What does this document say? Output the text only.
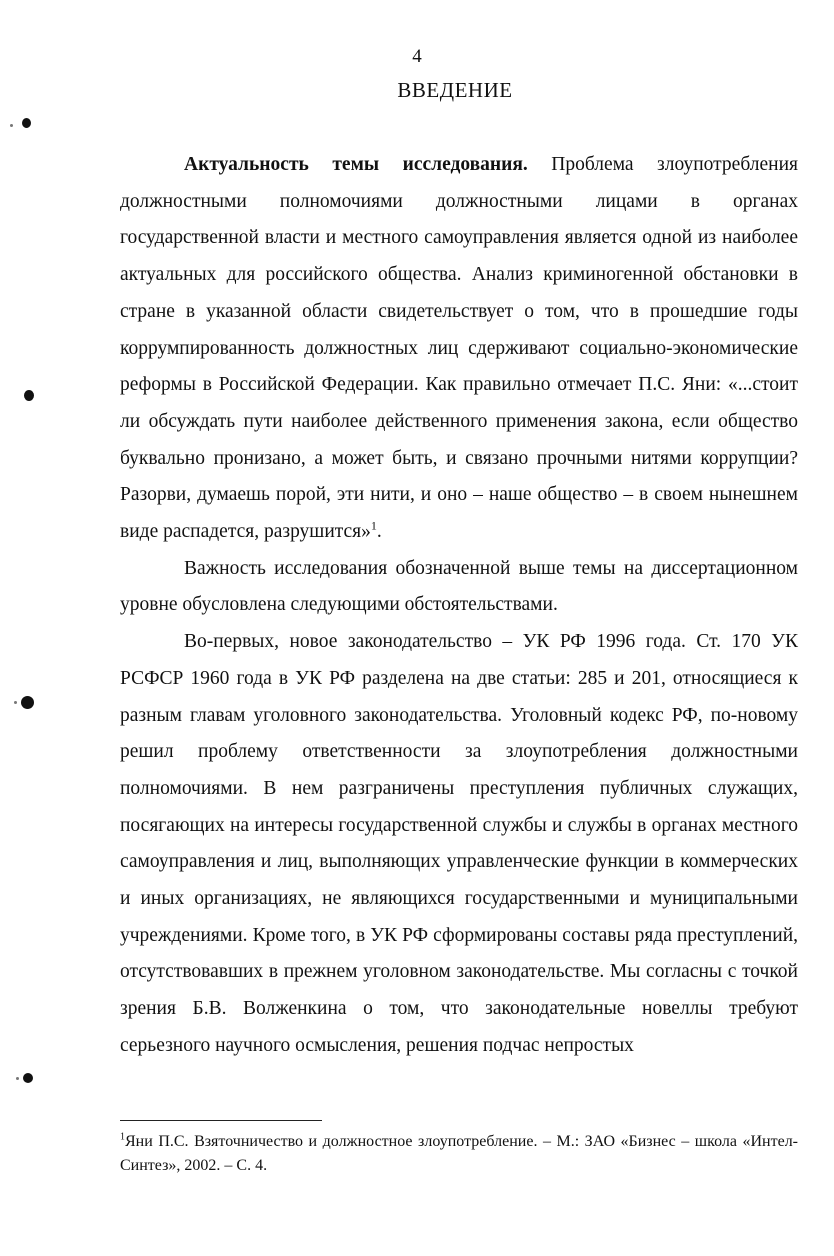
4
ВВЕДЕНИЕ

Актуальность темы исследования. Проблема злоупотребления должностными полномочиями должностными лицами в органах государственной власти и местного самоуправления является одной из наиболее актуальных для российского общества. Анализ криминогенной обстановки в стране в указанной области свидетельствует о том, что в прошедшие годы коррумпированность должностных лиц сдерживают социально-экономические реформы в Российской Федерации. Как правильно отмечает П.С. Яни: «...стоит ли обсуждать пути наиболее действенного применения закона, если общество буквально пронизано, а может быть, и связано прочными нитями коррупции? Разорви, думаешь порой, эти нити, и оно – наше общество – в своем нынешнем виде распадется, разрушится»$^1$.

Важность исследования обозначенной выше темы на диссертационном уровне обусловлена следующими обстоятельствами.

Во-первых, новое законодательство – УК РФ 1996 года. Ст. 170 УК РСФСР 1960 года в УК РФ разделена на две статьи: 285 и 201, относящиеся к разным главам уголовного законодательства. Уголовный кодекс РФ, по-новому решил проблему ответственности за злоупотребления должностными полномочиями. В нем разграничены преступления публичных служащих, посягающих на интересы государственной службы и службы в органах местного самоуправления и лиц, выполняющих управленческие функции в коммерческих и иных организациях, не являющихся государственными и муниципальными учреждениями. Кроме того, в УК РФ сформированы составы ряда преступлений, отсутствовавших в прежнем уголовном законодательстве. Мы согласны с точкой зрения Б.В. Волженкина о том, что законодательные новеллы требуют серьезного научного осмысления, решения подчас непростых

$^1$Яни П.С. Взяточничество и должностное злоупотребление. – М.: ЗАО «Бизнес – школа «Интел-Синтез», 2002. – С. 4.
